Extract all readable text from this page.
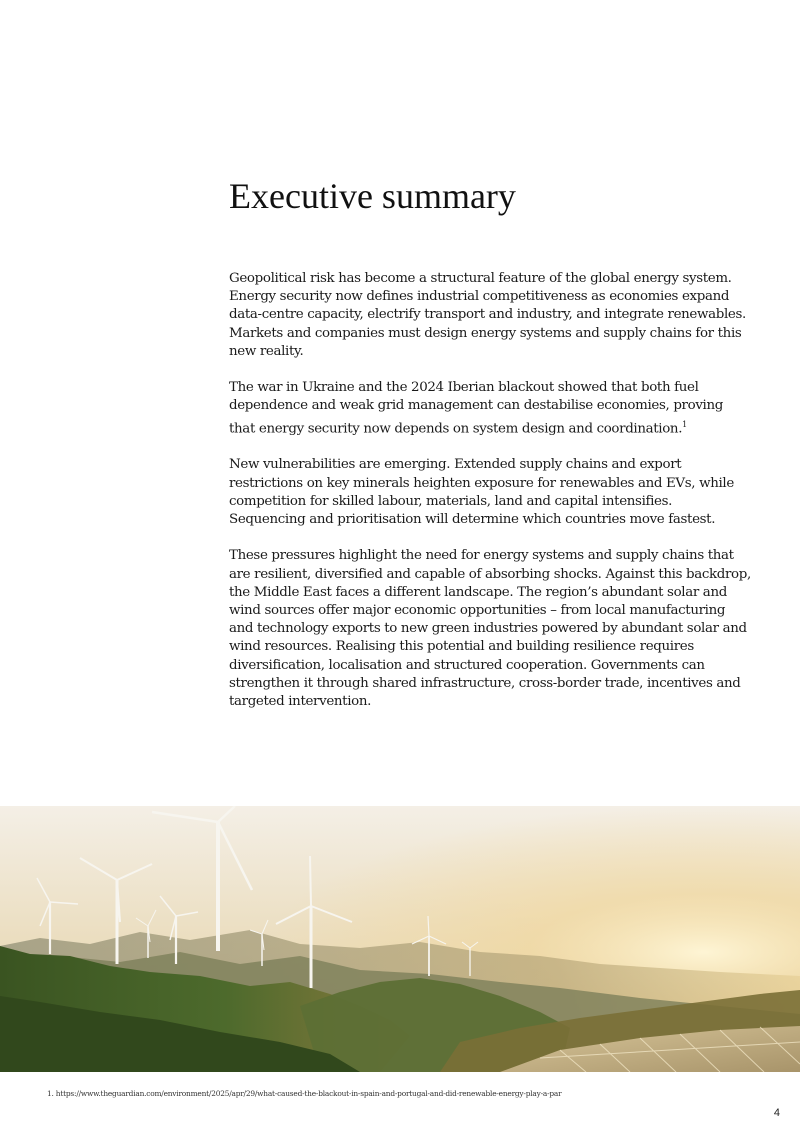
Executive summary

Geopolitical risk has become a structural feature of the global energy system. Energy security now defines industrial competitiveness as economies expand data-centre capacity, electrify transport and industry, and integrate renewables. Markets and companies must design energy systems and supply chains for this new reality.

The war in Ukraine and the 2024 Iberian blackout showed that both fuel dependence and weak grid management can destabilise economies, proving that energy security now depends on system design and coordination.$^1$

New vulnerabilities are emerging. Extended supply chains and export restrictions on key minerals heighten exposure for renewables and EVs, while competition for skilled labour, materials, land and capital intensifies. Sequencing and prioritisation will determine which countries move fastest.

These pressures highlight the need for energy systems and supply chains that are resilient, diversified and capable of absorbing shocks. Against this backdrop, the Middle East faces a different landscape. The region’s abundant solar and wind sources offer major economic opportunities – from local manufacturing and technology exports to new green industries powered by abundant solar and wind resources. Realising this potential and building resilience requires diversification, localisation and structured cooperation. Governments can strengthen it through shared infrastructure, cross-border trade, incentives and targeted intervention.

1. https://www.theguardian.com/environment/2025/apr/29/what-caused-the-blackout-in-spain-and-portugal-and-did-renewable-energy-play-a-par

4
